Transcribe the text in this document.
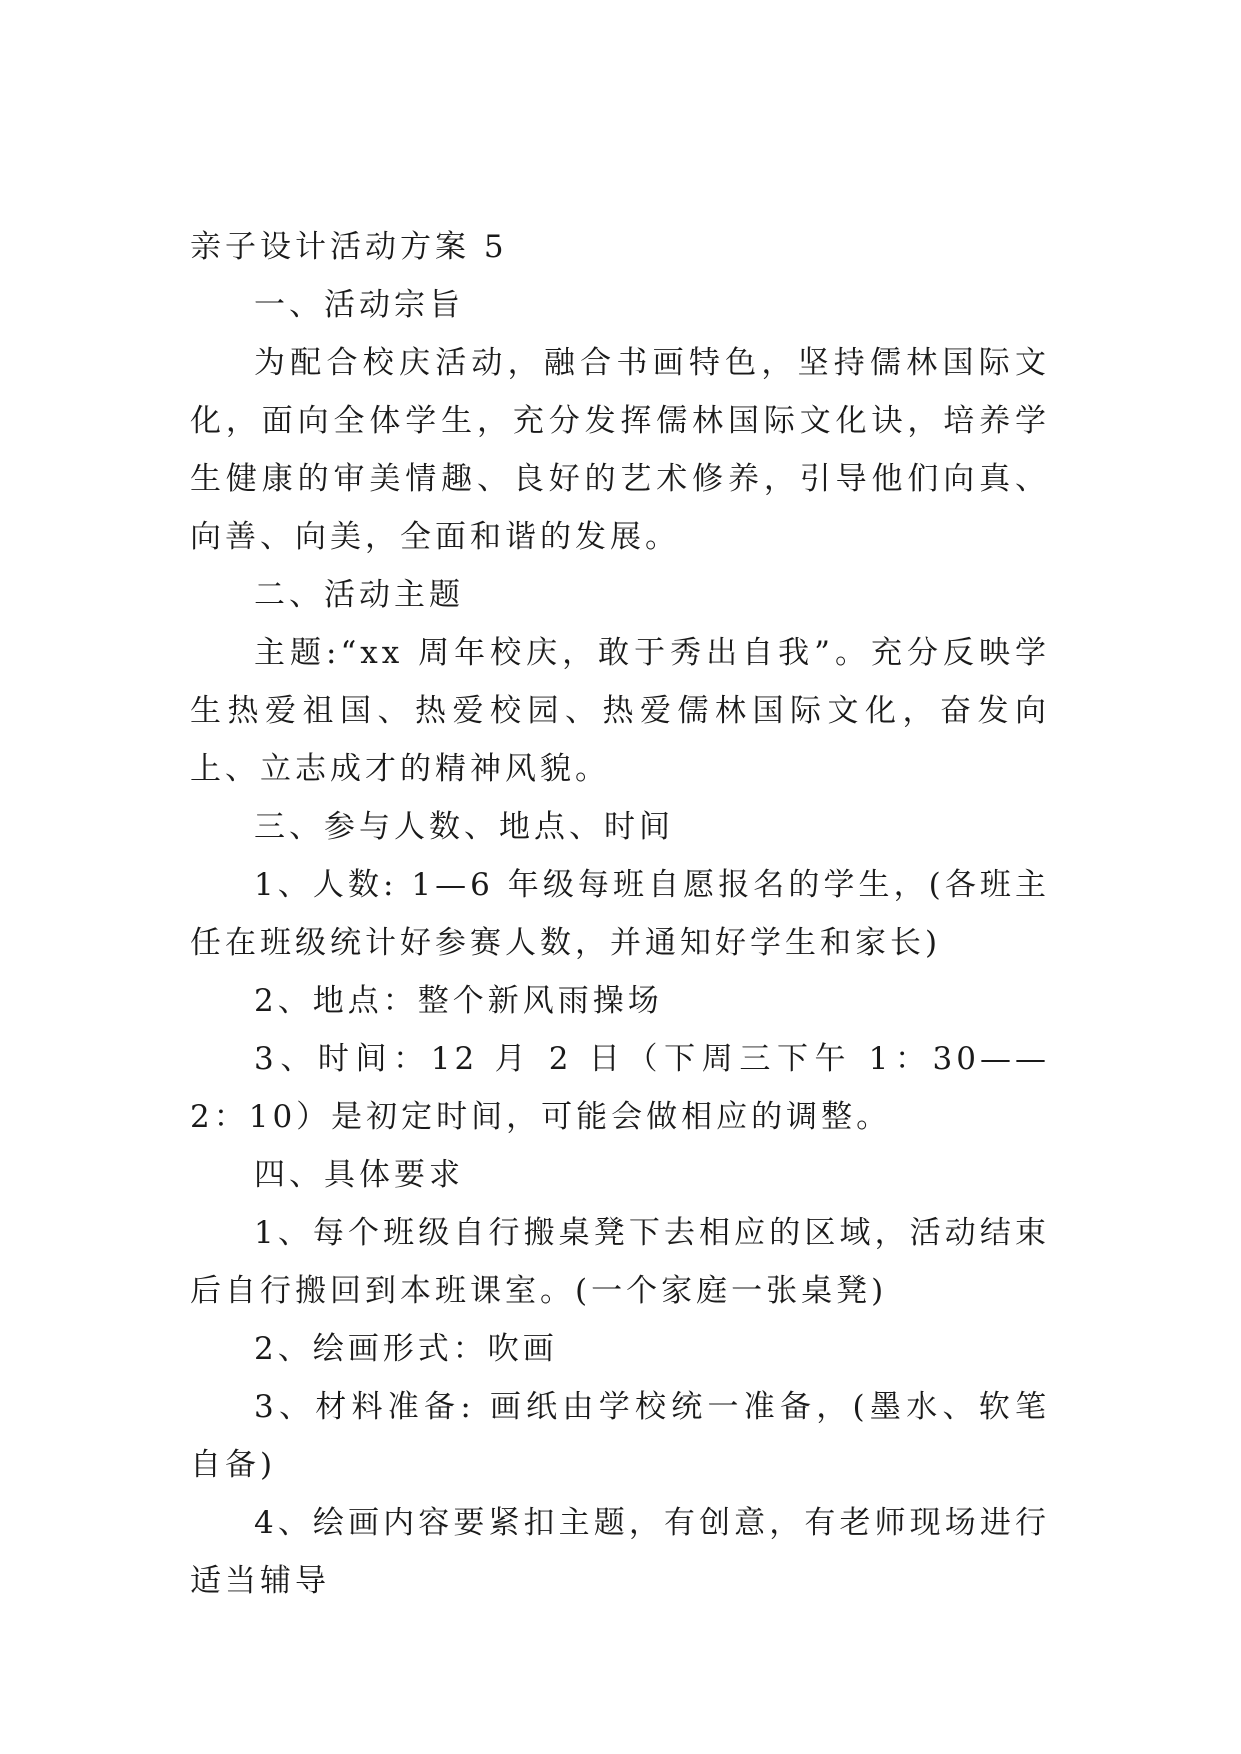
亲子设计活动方案 5

一、活动宗旨

为配合校庆活动，融合书画特色，坚持儒林国际文化，面向全体学生，充分发挥儒林国际文化诀，培养学生健康的审美情趣、良好的艺术修养，引导他们向真、向善、向美，全面和谐的发展。

二、活动主题

主题:“xx 周年校庆，敢于秀出自我”。充分反映学生热爱祖国、热爱校园、热爱儒林国际文化，奋发向上、立志成才的精神风貌。

三、参与人数、地点、时间

1、人数: 1—6 年级每班自愿报名的学生，(各班主任在班级统计好参赛人数，并通知好学生和家长)

2、地点：整个新风雨操场

3、时间：12 月 2 日（下周三下午 1：30——2：10）是初定时间，可能会做相应的调整。

四、具体要求

1、每个班级自行搬桌凳下去相应的区域，活动结束后自行搬回到本班课室。(一个家庭一张桌凳)

2、绘画形式：吹画

3、材料准备: 画纸由学校统一准备，(墨水、软笔自备)

4、绘画内容要紧扣主题，有创意，有老师现场进行适当辅导
